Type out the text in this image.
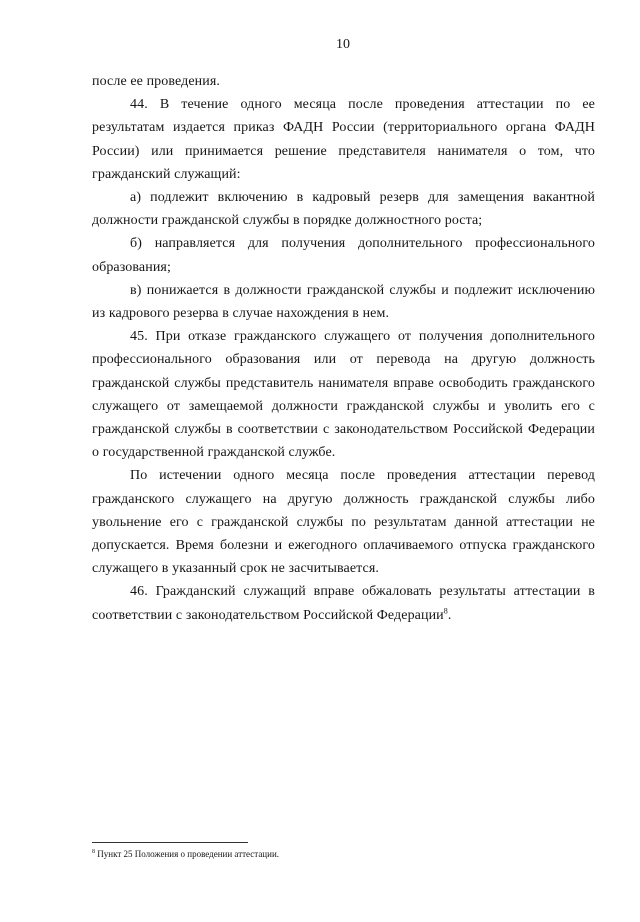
10

после ее проведения.

44. В течение одного месяца после проведения аттестации по ее результатам издается приказ ФАДН России (территориального органа ФАДН России) или принимается решение представителя нанимателя о том, что гражданский служащий:

а) подлежит включению в кадровый резерв для замещения вакантной должности гражданской службы в порядке должностного роста;

б) направляется для получения дополнительного профессионального образования;

в) понижается в должности гражданской службы и подлежит исключению из кадрового резерва в случае нахождения в нем.

45. При отказе гражданского служащего от получения дополнительного профессионального образования или от перевода на другую должность гражданской службы представитель нанимателя вправе освободить гражданского служащего от замещаемой должности гражданской службы и уволить его с гражданской службы в соответствии с законодательством Российской Федерации о государственной гражданской службе.

По истечении одного месяца после проведения аттестации перевод гражданского служащего на другую должность гражданской службы либо увольнение его с гражданской службы по результатам данной аттестации не допускается. Время болезни и ежегодного оплачиваемого отпуска гражданского служащего в указанный срок не засчитывается.

46. Гражданский служащий вправе обжаловать результаты аттестации в соответствии с законодательством Российской Федерации$^8$.

$^8$ Пункт 25 Положения о проведении аттестации.
